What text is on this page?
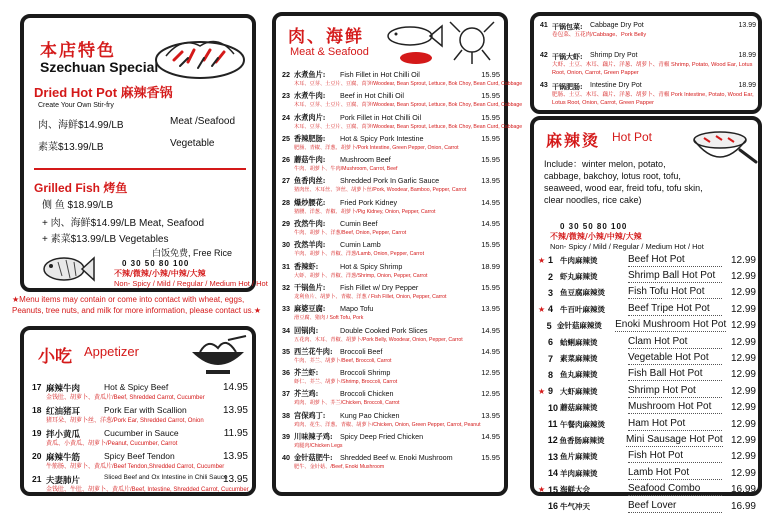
本店特色
Szechuan Special
Dried Hot Pot 麻辣香锅
Create Your Own Stir-fry
肉、海鲜$14.99/LB	Meat /Seafood
素菜$13.99/LB	Vegetable
Grilled Fish 烤鱼
侧 鱼 $18.99/LB
+ 肉、海鲜$14.99/LB Meat, Seafood
+ 素菜$13.99/LB Vegetables
白饭免费, Free Rice
0 30 50 80 100
不辣/微辣/小辣/中辣/大辣
Non- Spicy / Mild / Regular / Medium Hot / Hot
★Menu items may contain or come into contact with wheat, eggs, Peanuts, tree nuts, and milk for more information, please contact us.★
小吃 Appetizer
17 麻辣牛肉	Hot & Spicy Beef	14.95
金钱肚、胡萝卜、黄瓜片/Beef, Shredded Carrot, Cucumber
18 红油猪耳	Pork Ear with Scallion	13.95
猪耳朵、胡萝卜丝、洋葱/Pork Ear, Shredded Carrot, Onion
19 拌小黄瓜	Cucumber in Sauce	11.95
黄瓜、小黄瓜、胡萝卜/Peanut, Cucumber, Carrot
20 麻辣牛筋	Spicy Beef Tendon	13.95
牛筋肠、胡萝卜、黄瓜片/Beef Tendon,Shredded Carrot, Cucumber
21 夫妻肺片	Sliced Beef and Ox Intestine in Chili Sauce
13.95
金钱肚、牛肚、胡萝卜、黄瓜片/Beef, Intestine, Shredded Carrot, Cucumber
肉、海鲜
Meat & Seafood
22 水煮鱼片:	Fish Fillet in Hot Chilli Oil	15.95
木耳、豆芽、土豆片、豆腐、莴笋/Woodear, Bean Sprout, Lettuce, Bok Choy, Bean Curd, Cabbage
23 水煮牛肉:	Beef in Hot Chilli Oil	15.95
木耳、豆芽、土豆片、豆腐、莴笋/Woodear, Bean Sprout, Lettuce, Bok Choy, Bean Curd, Cabbage
24 水煮肉片:	Pork Fillet in Hot Chilli Oil	15.95
木耳、豆芽、土豆片、豆腐、莴笋/Woodear, Bean Sprout, Lettuce, Bok Choy, Bean Curd, Cabbage
25 香辣肥肠:	Hot & Spicy Pork Intestine	15.95
肥肠、青椒、洋葱、胡萝卜/Pork Intestine, Green Pepper, Onion, Carrot
26 蘑菇牛肉:	Mushroom Beef	15.95
牛肉、胡萝卜、牛肉/Mushroom, Carrot, Beef
27 鱼香肉丝:	Shredded Pork In Garlic Sauce	13.95
猪肉丝、木耳丝、笋丝、胡萝卜丝/Pork, Woodear, Bamboo, Pepper, Carrot
28 爆炒腰花:	Fried Pork Kidney	14.95
猪腰、洋葱、青椒、胡萝卜/Pig Kidney, Onion, Pepper, Carrot
29 孜然牛肉:	Cumin Beef	14.95
牛肉、胡萝卜、洋葱/Beef, Onion, Pepper, Carrot
30 孜然羊肉:	Cumin Lamb	15.95
羊肉、胡萝卜、青椒、洋葱/Lamb, Onion, Pepper, Carrot
31 香辣虾:	Hot & Spicy Shrimp	18.99
大虾、胡萝卜、青椒、洋葱/Shrimp, Onion, Pepper, Carrot
32 干锅鱼片:	Fish Fillet w/ Dry Pepper	15.95
龙利鱼片、胡萝卜、青椒、洋葱 / Fish Fillet, Onion, Pepper, Carrot
33 麻婆豆腐:	Mapo Tofu	13.95
滑豆腐、猪肉 / Soft Tofu, Pork
34 回锅肉:	Double Cooked Pork Slices	14.95
五花肉、木耳、青椒、胡萝卜/Pork Belly, Woodear, Onion, Pepper, Carrot
35 西兰花牛肉:	Broccoli Beef	14.95
牛肉、芥兰、胡萝卜/Beef, Broccoli, Carrot
36 芥兰虾:	Broccoli Shrimp	12.95
虾仁、芥兰、胡萝卜/Shrimp, Broccoli, Carrot
37 芥兰鸡:	Broccoli Chicken	12.95
鸡肉、胡萝卜、芥兰/Chicken, Broccoli, Carrot
38 宫保鸡丁:	Kung Pao Chicken	13.95
鸡肉、花生、洋葱、青椒、胡萝卜/Chicken, Onion, Green Pepper, Carrot, Peanut
39 川味辣子鸡:	Spicy Deep Fried Chicken	14.95
鸡腿肉/Chicken Legs
40 金针菇肥牛:	Shredded Beef w. Enoki Mushroom	15.95
肥牛、金针菇、/Beef, Enoki Mushroom
41 干锅包菜:	Cabbage Dry Pot	13.99
卷包菜、五花肉/Cabbage、Pork Belly
42 干锅大虾:	Shrimp Dry Pot	18.99
大虾、土豆、木耳、藕片、洋葱、胡萝卜、青椒 Shrimp, Potato, Wood Ear, Lotus Root, Onion, Carrot, Green Papper
43 干锅肥肠:	Intestine Dry Pot	18.99
肥肠、土豆、木耳、藕片、洋葱、胡萝卜、青椒 Pork Intestine, Potato, Wood Ear, Lotus Root, Onion, Carrot, Green Papper
麻辣烫 Hot Pot
Include：winter melon, potato, cabbage, bakchoy, lotus root, tofu, seaweed, wood ear, freid tofu, tofu skin, clear noodles, rice cake)
0 30 50 80 100
不辣/微辣/小辣/中辣/大辣
Non- Spicy / Mild / Regular / Medium Hot / Hot
★ 1 牛肉麻辣烫	Beef Hot Pot	12.99
2 虾丸麻辣烫	Shrimp Ball Hot Pot	12.99
3 鱼豆腐麻辣烫	Fish Tofu Hot Pot	12.99
★ 4 牛百叶麻辣烫	Beef Tripe Hot Pot	12.99
5 金针菇麻辣烫	Enoki Mushroom Hot Pot 12.99
6 蛤蜊麻辣烫	Clam Hot Pot	12.99
7 素菜麻辣烫	Vegetable Hot Pot	12.99
8 鱼丸麻辣烫	Fish Ball Hot Pot	12.99
★ 9 大虾麻辣烫	Shrimp Hot Pot	12.99
10 蘑菇麻辣烫	Mushroom Hot Pot	12.99
11 午餐肉麻辣烫	Ham Hot Pot	12.99
12 鱼香肠麻辣烫	Mini Sausage Hot Pot 12.99
13 鱼片麻辣烫	Fish Hot Pot	12.99
14 羊肉麻辣烫	Lamb Hot Pot	12.99
★ 15 海鲜大会	Seafood Combo	16.99
16 牛气冲天	Beef Lover	16.99
